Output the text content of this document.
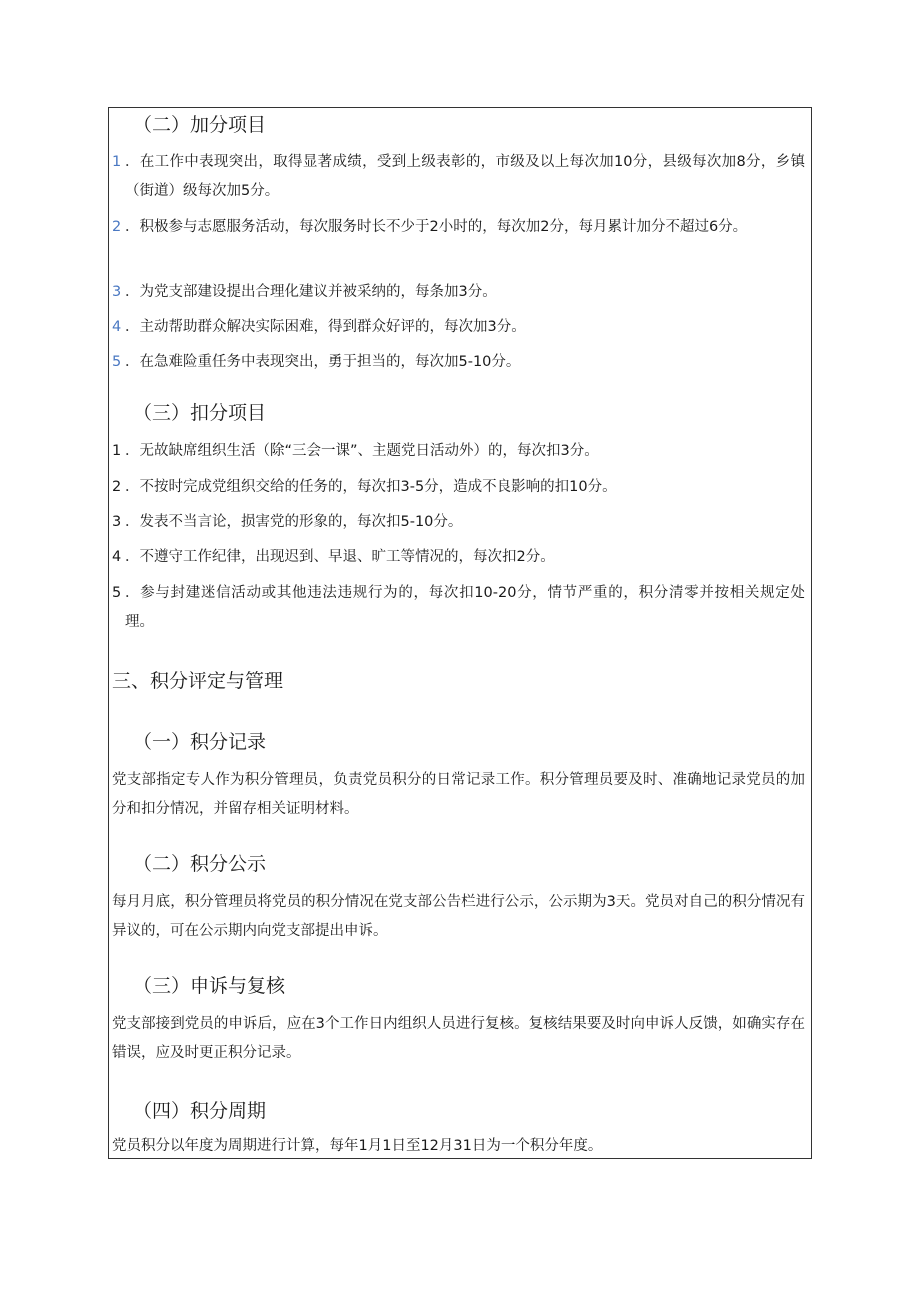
（二）加分项目
1 ．在工作中表现突出，取得显著成绩，受到上级表彰的，市级及以上每次加10分，县级每次加8分，乡镇（街道）级每次加5分。
2 ．积极参与志愿服务活动，每次服务时长不少于2小时的，每次加2分，每月累计加分不超过6分。
3 ．为党支部建设提出合理化建议并被采纳的，每条加3分。
4 ．主动帮助群众解决实际困难，得到群众好评的，每次加3分。
5 ．在急难险重任务中表现突出，勇于担当的，每次加5-10分。
（三）扣分项目
1 ．无故缺席组织生活（除“三会一课”、主题党日活动外）的，每次扣3分。
2 ．不按时完成党组织交给的任务的，每次扣3-5分，造成不良影响的扣10分。
3 ．发表不当言论，损害党的形象的，每次扣5-10分。
4 ．不遵守工作纪律，出现迟到、早退、旷工等情况的，每次扣2分。
5 ．参与封建迷信活动或其他违法违规行为的，每次扣10-20分，情节严重的，积分清零并按相关规定处理。
三、积分评定与管理
（一）积分记录
党支部指定专人作为积分管理员，负责党员积分的日常记录工作。积分管理员要及时、准确地记录党员的加分和扣分情况，并留存相关证明材料。
（二）积分公示
每月月底，积分管理员将党员的积分情况在党支部公告栏进行公示，公示期为3天。党员对自己的积分情况有异议的，可在公示期内向党支部提出申诉。
（三）申诉与复核
党支部接到党员的申诉后，应在3个工作日内组织人员进行复核。复核结果要及时向申诉人反馈，如确实存在错误，应及时更正积分记录。
（四）积分周期
党员积分以年度为周期进行计算，每年1月1日至12月31日为一个积分年度。
